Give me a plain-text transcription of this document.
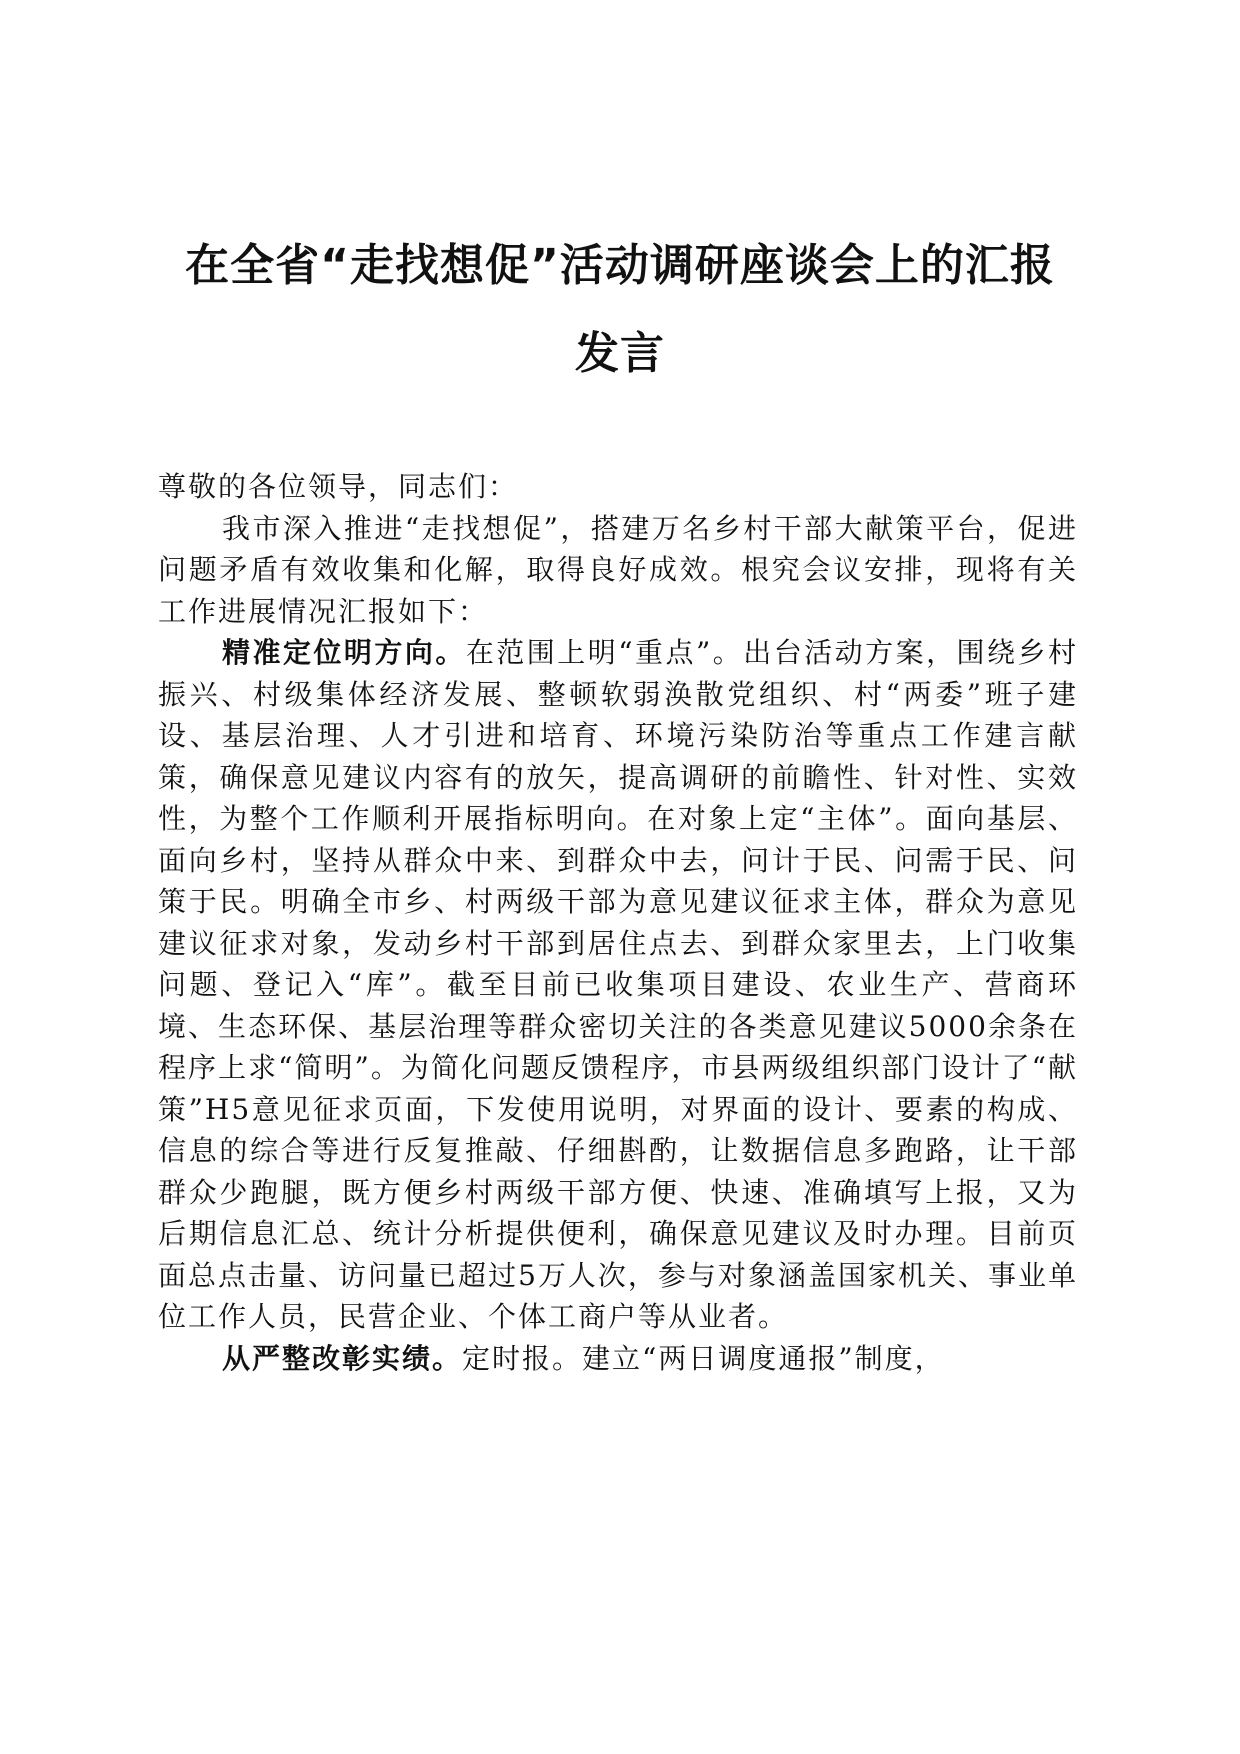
在全省“走找想促”活动调研座谈会上的汇报
发言

尊敬的各位领导，同志们：

我市深入推进“走找想促”，搭建万名乡村干部大献策平台，促进问题矛盾有效收集和化解，取得良好成效。根究会议安排，现将有关工作进展情况汇报如下：

精准定位明方向。在范围上明“重点”。出台活动方案，围绕乡村振兴、村级集体经济发展、整顿软弱涣散党组织、村“两委”班子建设、基层治理、人才引进和培育、环境污染防治等重点工作建言献策，确保意见建议内容有的放矢，提高调研的前瞻性、针对性、实效性，为整个工作顺利开展指标明向。在对象上定“主体”。面向基层、面向乡村，坚持从群众中来、到群众中去，问计于民、问需于民、问策于民。明确全市乡、村两级干部为意见建议征求主体，群众为意见建议征求对象，发动乡村干部到居住点去、到群众家里去，上门收集问题、登记入“库”。截至目前已收集项目建设、农业生产、营商环境、生态环保、基层治理等群众密切关注的各类意见建议5000余条在程序上求“简明”。为简化问题反馈程序，市县两级组织部门设计了“献策”H5意见征求页面，下发使用说明，对界面的设计、要素的构成、信息的综合等进行反复推敲、仔细斟酌，让数据信息多跑路，让干部群众少跑腿，既方便乡村两级干部方便、快速、准确填写上报，又为后期信息汇总、统计分析提供便利，确保意见建议及时办理。目前页面总点击量、访问量已超过5万人次，参与对象涵盖国家机关、事业单位工作人员，民营企业、个体工商户等从业者。

从严整改彰实绩。定时报。建立“两日调度通报”制度，
